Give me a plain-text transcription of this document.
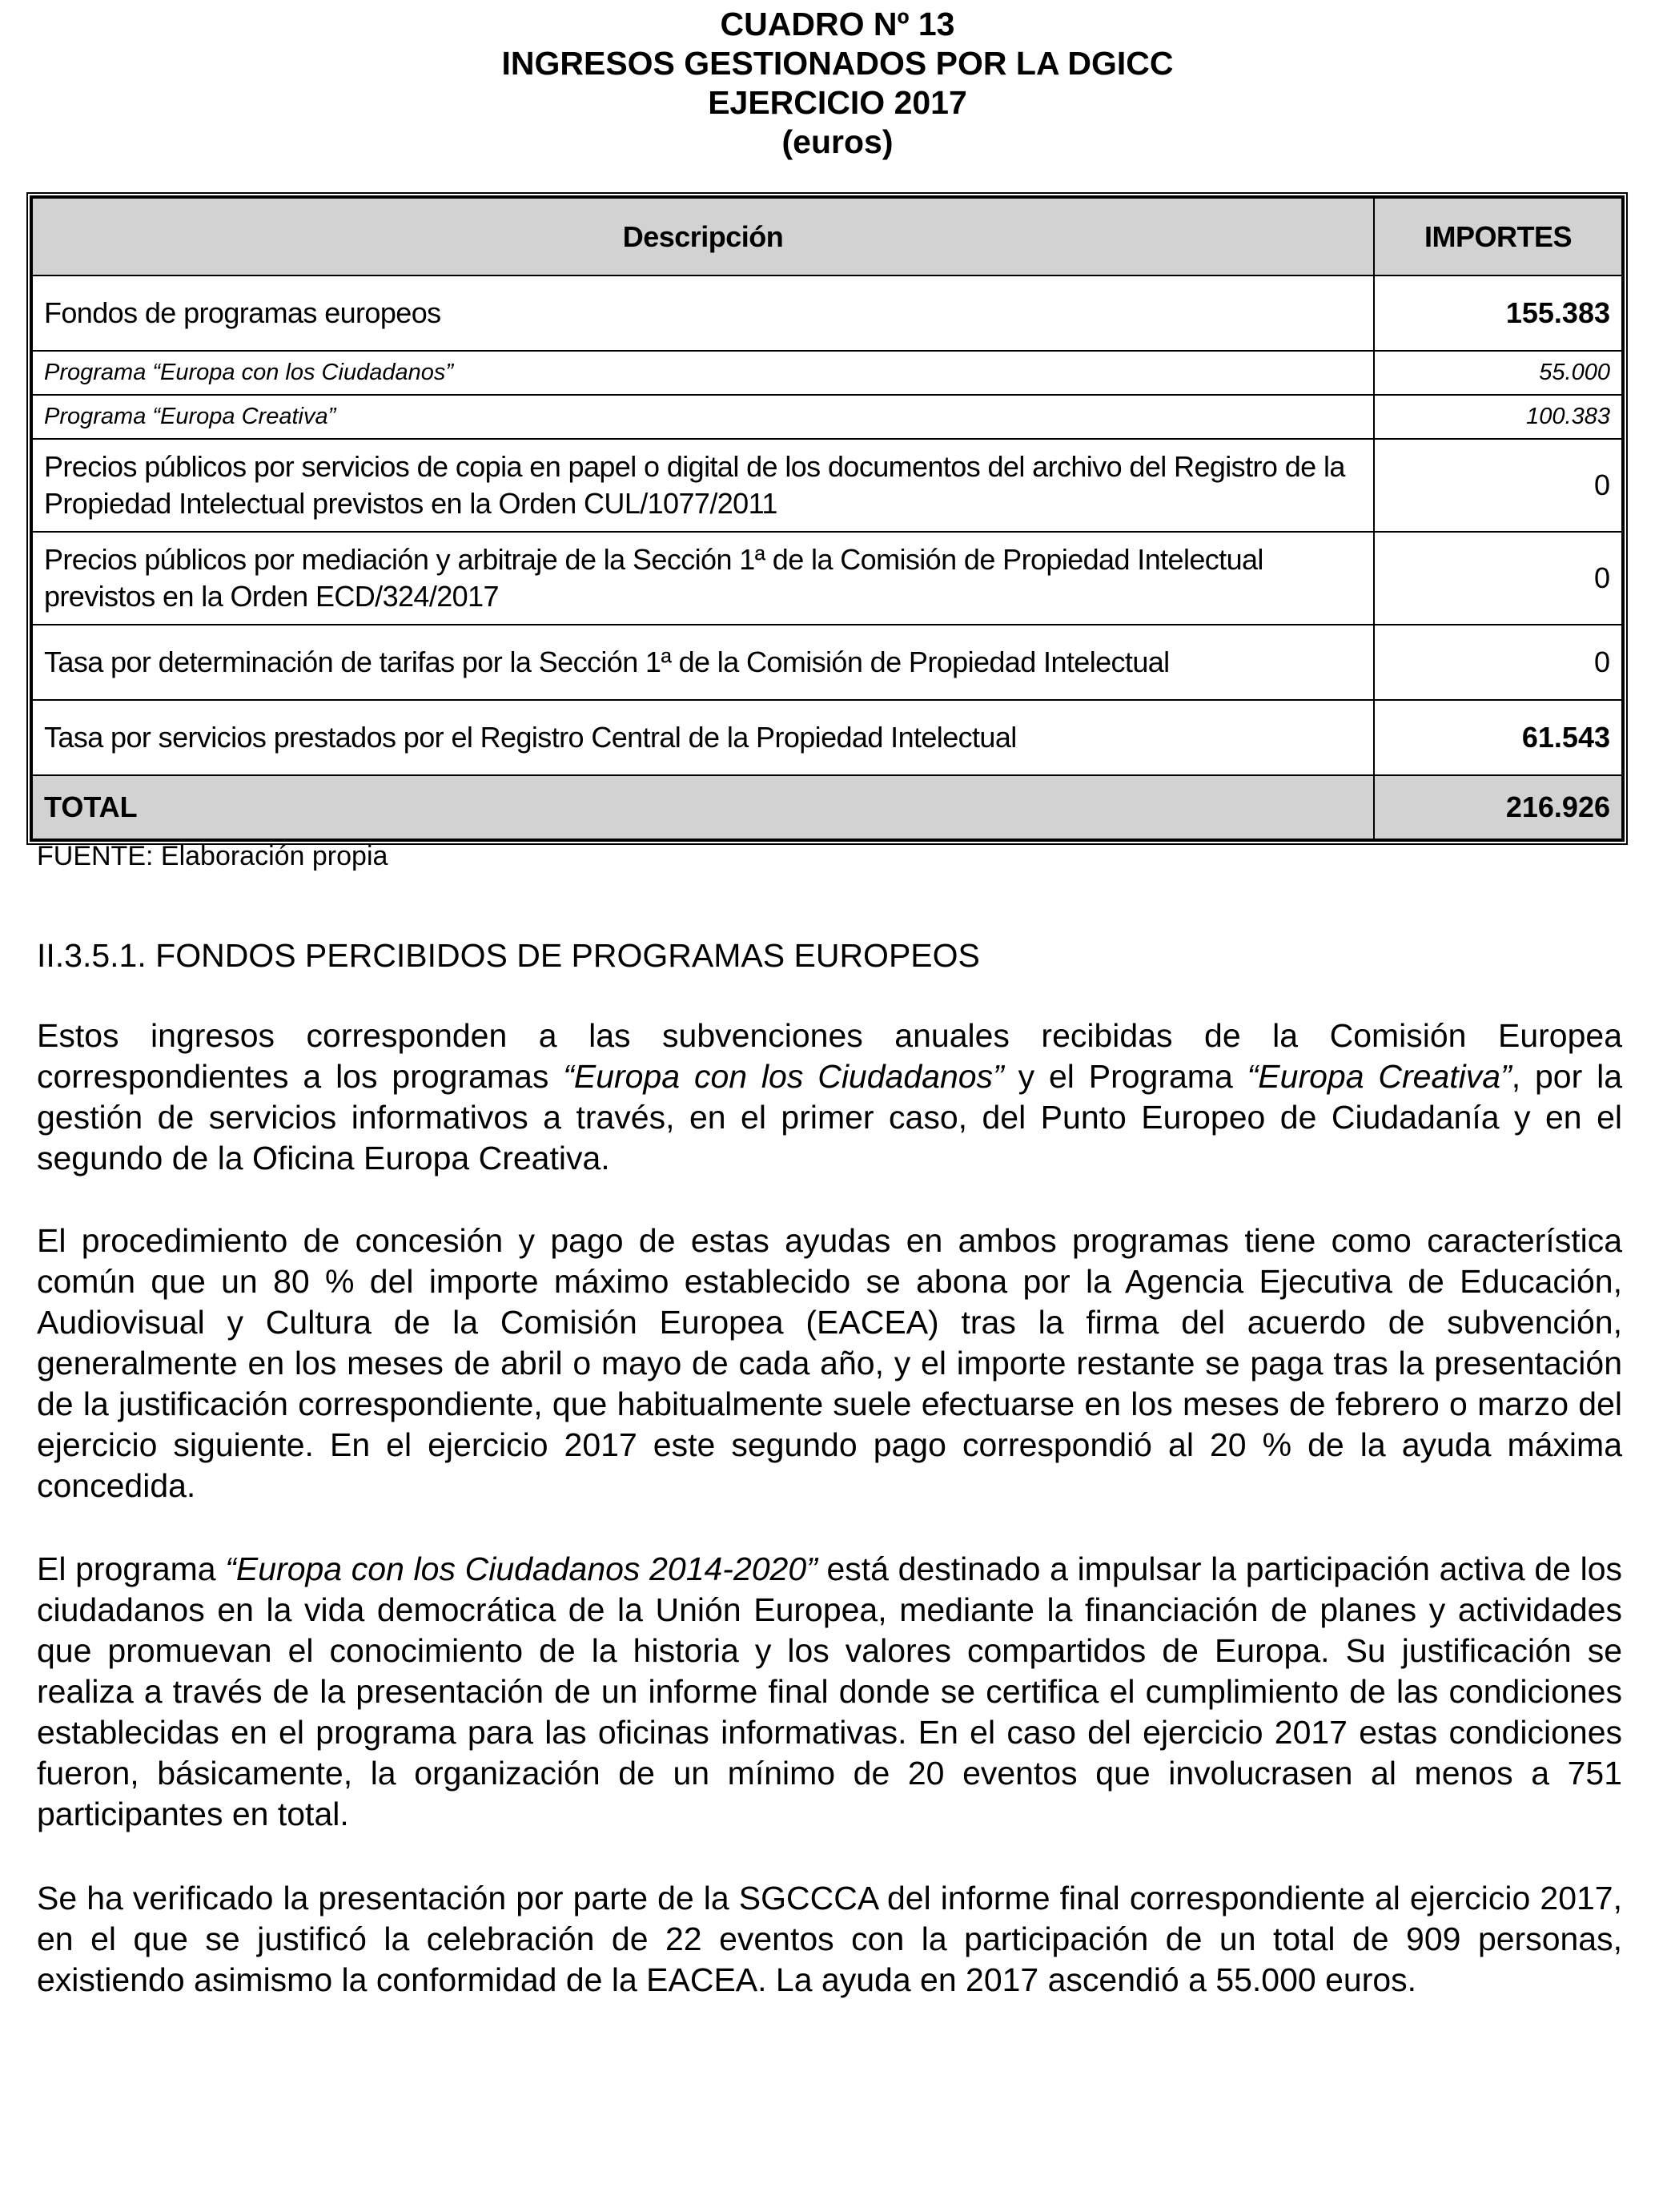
CUADRO Nº 13
INGRESOS GESTIONADOS POR LA DGICC
EJERCICIO 2017
(euros)
Descripción	IMPORTES
Fondos de programas europeos	155.383
Programa “Europa con los Ciudadanos”	55.000
Programa “Europa Creativa”	100.383
Precios públicos por servicios de copia en papel o digital de los documentos del archivo del Registro de la Propiedad Intelectual previstos en la Orden CUL/1077/2011	0
Precios públicos por mediación y arbitraje de la Sección 1ª de la Comisión de Propiedad Intelectual previstos en la Orden ECD/324/2017	0
Tasa por determinación de tarifas por la Sección 1ª de la Comisión de Propiedad Intelectual	0
Tasa por servicios prestados por el Registro Central de la Propiedad Intelectual	61.543
TOTAL	216.926
FUENTE: Elaboración propia
II.3.5.1. FONDOS PERCIBIDOS DE PROGRAMAS EUROPEOS

Estos ingresos corresponden a las subvenciones anuales recibidas de la Comisión Europea correspondientes a los programas “Europa con los Ciudadanos” y el Programa “Europa Creativa”, por la gestión de servicios informativos a través, en el primer caso, del Punto Europeo de Ciudadanía y en el segundo de la Oficina Europa Creativa.

El procedimiento de concesión y pago de estas ayudas en ambos programas tiene como característica común que un 80 % del importe máximo establecido se abona por la Agencia Ejecutiva de Educación, Audiovisual y Cultura de la Comisión Europea (EACEA) tras la firma del acuerdo de subvención, generalmente en los meses de abril o mayo de cada año, y el importe restante se paga tras la presentación de la justificación correspondiente, que habitualmente suele efectuarse en los meses de febrero o marzo del ejercicio siguiente. En el ejercicio 2017 este segundo pago correspondió al 20 % de la ayuda máxima concedida.

El programa “Europa con los Ciudadanos 2014-2020” está destinado a impulsar la participación activa de los ciudadanos en la vida democrática de la Unión Europea, mediante la financiación de planes y actividades que promuevan el conocimiento de la historia y los valores compartidos de Europa. Su justificación se realiza a través de la presentación de un informe final donde se certifica el cumplimiento de las condiciones establecidas en el programa para las oficinas informativas. En el caso del ejercicio 2017 estas condiciones fueron, básicamente, la organización de un mínimo de 20 eventos que involucrasen al menos a 751 participantes en total.

Se ha verificado la presentación por parte de la SGCCCA del informe final correspondiente al ejercicio 2017, en el que se justificó la celebración de 22 eventos con la participación de un total de 909 personas, existiendo asimismo la conformidad de la EACEA. La ayuda en 2017 ascendió a 55.000 euros.
